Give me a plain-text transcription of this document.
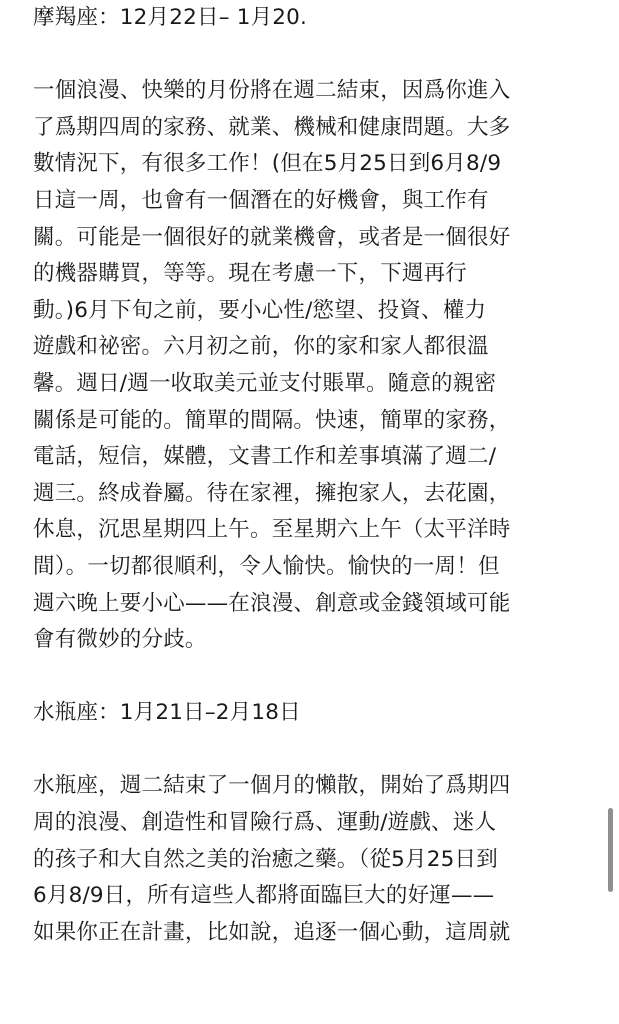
摩羯座：12月22日– 1月20.
一個浪漫、快樂的月份將在週二結束，因爲你進入
了爲期四周的家務、就業、機械和健康問題。大多
數情況下，有很多工作！(但在5月25日到6月8/9
日這一周，也會有一個潛在的好機會，與工作有
關。可能是一個很好的就業機會，或者是一個很好
的機器購買，等等。現在考慮一下，下週再行
動。)6月下旬之前，要小心性/慾望、投資、權力
遊戲和祕密。六月初之前，你的家和家人都很溫
馨。週日/週一收取美元並支付賬單。隨意的親密
關係是可能的。簡單的間隔。快速，簡單的家務，
電話，短信，媒體，文書工作和差事填滿了週二/
週三。終成眷屬。待在家裡，擁抱家人，去花園，
休息，沉思星期四上午。至星期六上午（太平洋時
間）。一切都很順利，令人愉快。愉快的一周！但
週六晚上要小心——在浪漫、創意或金錢領域可能
會有微妙的分歧。
水瓶座：1月21日–2月18日
水瓶座，週二結束了一個月的懶散，開始了爲期四
周的浪漫、創造性和冒險行爲、運動/遊戲、迷人
的孩子和大自然之美的治癒之藥。（從5月25日到
6月8/9日，所有這些人都將面臨巨大的好運——
如果你正在計畫，比如說，追逐一個心動，這周就
